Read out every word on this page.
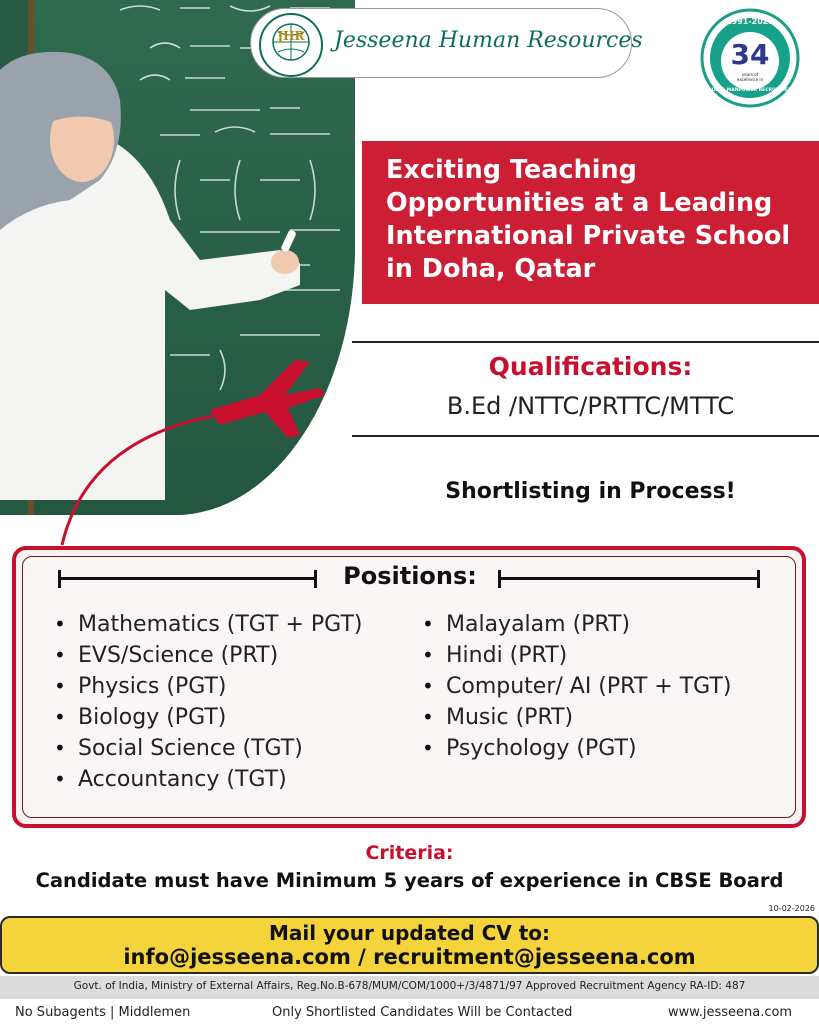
JHR Jesseena Human Resources
1991-2025
34
years of
excellence in
GLOBAL MANPOWER RECRUITMENT
Exciting Teaching
Opportunities at a Leading
International Private School
in Doha, Qatar
Qualifications:
B.Ed /NTTC/PRTTC/MTTC
Shortlisting in Process!
Positions:
• Mathematics (TGT + PGT)
• EVS/Science (PRT)
• Physics (PGT)
• Biology (PGT)
• Social Science (TGT)
• Accountancy (TGT)
• Malayalam (PRT)
• Hindi (PRT)
• Computer/ AI (PRT + TGT)
• Music (PRT)
• Psychology (PGT)
Criteria:
Candidate must have Minimum 5 years of experience in CBSE Board
10-02-2026
Mail your updated CV to:
info@jesseena.com / recruitment@jesseena.com
Govt. of India, Ministry of External Affairs, Reg.No.B-678/MUM/COM/1000+/3/4871/97 Approved Recruitment Agency RA-ID: 487
No Subagents | Middlemen	Only Shortlisted Candidates Will be Contacted	www.jesseena.com
